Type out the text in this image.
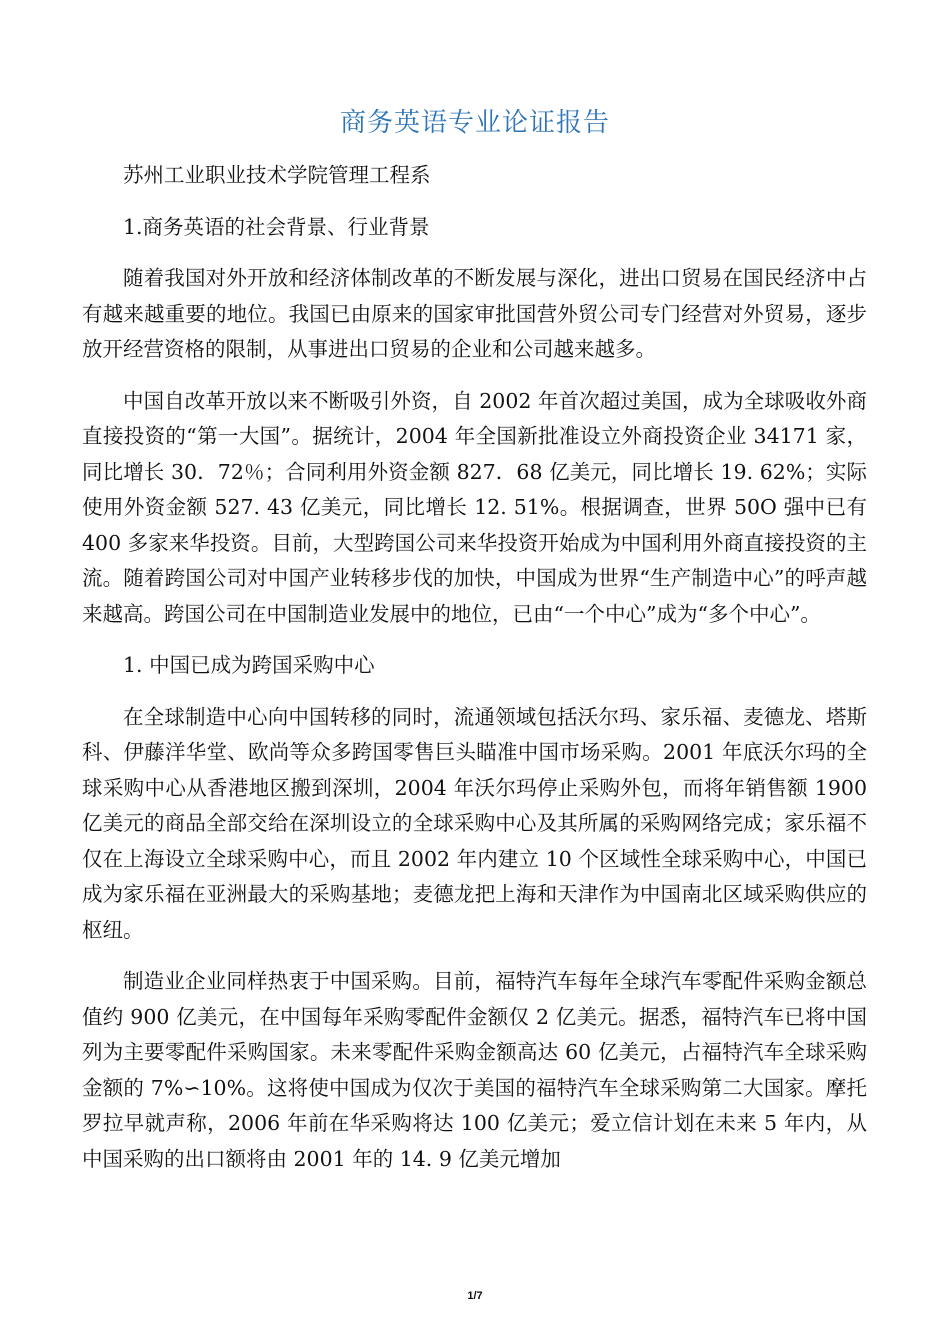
商务英语专业论证报告

苏州工业职业技术学院管理工程系

1.商务英语的社会背景、行业背景

随着我国对外开放和经济体制改革的不断发展与深化，进出口贸易在国民经济中占有越来越重要的地位。我国已由原来的国家审批国营外贸公司专门经营对外贸易，逐步放开经营资格的限制，从事进出口贸易的企业和公司越来越多。

中国自改革开放以来不断吸引外资，自 2002 年首次超过美国，成为全球吸收外商直接投资的“第一大国”。据统计，2004 年全国新批准设立外商投资企业 34171 家，同比增长 30．72％；合同利用外资金额 827．68 亿美元，同比增长 19. 62%；实际使用外资金额 527. 43 亿美元，同比增长 12. 51%。根据调查，世界 50O 强中已有 400 多家来华投资。目前，大型跨国公司来华投资开始成为中国利用外商直接投资的主流。随着跨国公司对中国产业转移步伐的加快，中国成为世界“生产制造中心”的呼声越来越高。跨国公司在中国制造业发展中的地位，已由“一个中心”成为“多个中心”。

1. 中国已成为跨国采购中心

在全球制造中心向中国转移的同时，流通领域包括沃尔玛、家乐福、麦德龙、塔斯科、伊藤洋华堂、欧尚等众多跨国零售巨头瞄准中国市场采购。2001 年底沃尔玛的全球采购中心从香港地区搬到深圳，2004 年沃尔玛停止采购外包，而将年销售额 1900 亿美元的商品全部交给在深圳设立的全球采购中心及其所属的采购网络完成；家乐福不仅在上海设立全球采购中心，而且 2002 年内建立 10 个区域性全球采购中心，中国已成为家乐福在亚洲最大的采购基地；麦德龙把上海和天津作为中国南北区域采购供应的枢纽。

制造业企业同样热衷于中国采购。目前，福特汽车每年全球汽车零配件采购金额总值约 900 亿美元，在中国每年采购零配件金额仅 2 亿美元。据悉，福特汽车已将中国列为主要零配件采购国家。未来零配件采购金额高达 60 亿美元，占福特汽车全球采购金额的 7%∽10%。这将使中国成为仅次于美国的福特汽车全球采购第二大国家。摩托罗拉早就声称，2006 年前在华采购将达 100 亿美元；爱立信计划在未来 5 年内，从中国采购的出口额将由 2001 年的 14. 9 亿美元增加

1/7
